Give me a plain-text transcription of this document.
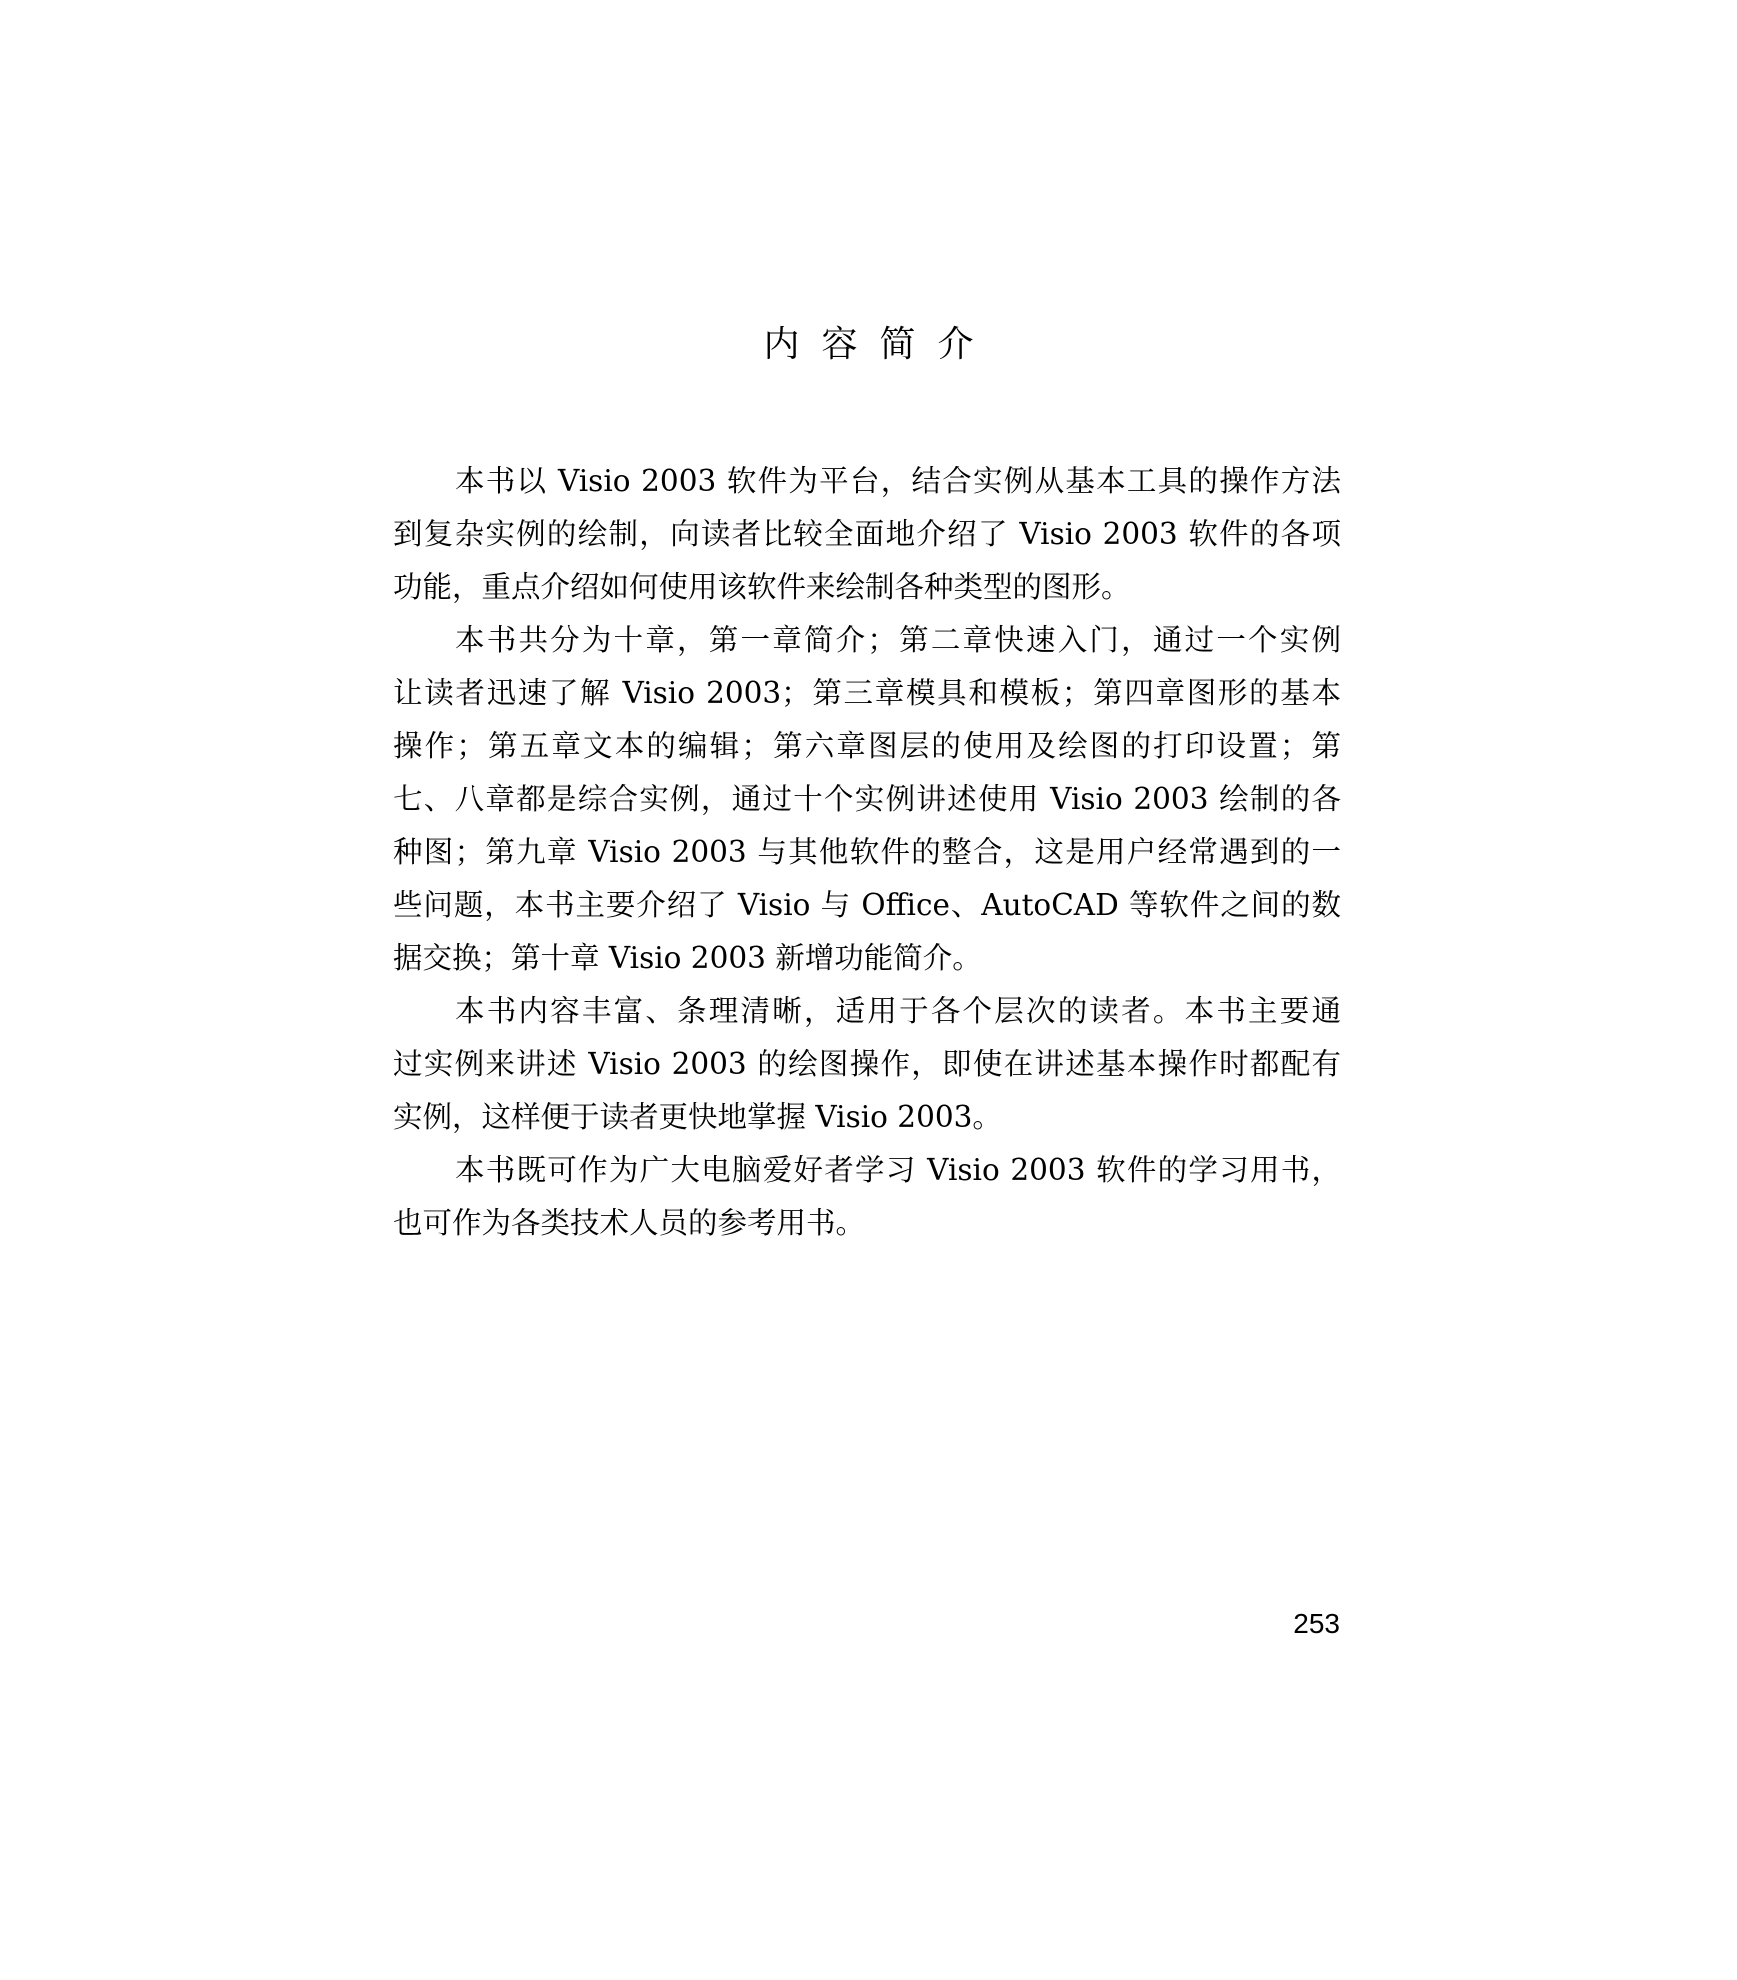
内容简介

本书以 Visio 2003 软件为平台，结合实例从基本工具的操作方法
到复杂实例的绘制，向读者比较全面地介绍了 Visio 2003 软件的各项
功能，重点介绍如何使用该软件来绘制各种类型的图形。

本书共分为十章，第一章简介；第二章快速入门，通过一个实例
让读者迅速了解 Visio 2003；第三章模具和模板；第四章图形的基本
操作；第五章文本的编辑；第六章图层的使用及绘图的打印设置；第
七、八章都是综合实例，通过十个实例讲述使用 Visio 2003 绘制的各
种图；第九章 Visio 2003 与其他软件的整合，这是用户经常遇到的一
些问题，本书主要介绍了 Visio 与 Office、AutoCAD 等软件之间的数
据交换；第十章 Visio 2003 新增功能简介。

本书内容丰富、条理清晰，适用于各个层次的读者。本书主要通
过实例来讲述 Visio 2003 的绘图操作，即使在讲述基本操作时都配有
实例，这样便于读者更快地掌握 Visio 2003。

本书既可作为广大电脑爱好者学习 Visio 2003 软件的学习用书，
也可作为各类技术人员的参考用书。

253
